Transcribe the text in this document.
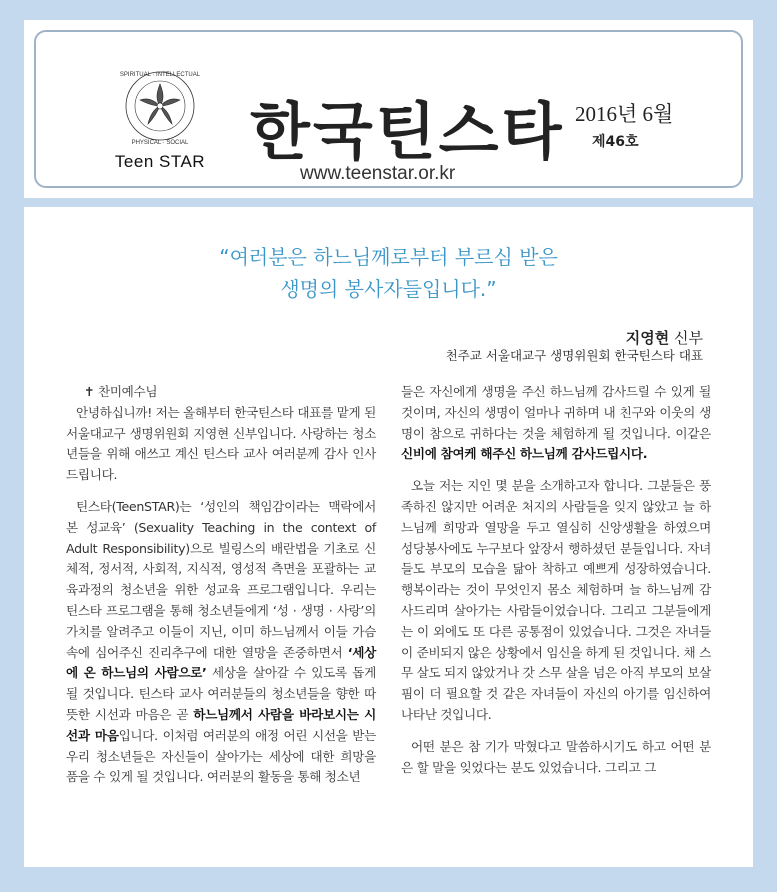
SPIRITUAL · INTELLECTUAL
PHYSICAL · SOCIAL
Teen STAR 한국틴스타 2016년 6월
제46호
www.teenstar.or.kr
“여러분은 하느님께로부터 부르심 받은
생명의 봉사자들입니다.”
지영현 신부
천주교 서울대교구 생명위원회 한국틴스타 대표

✝ 찬미예수님

안녕하십니까! 저는 올해부터 한국틴스타 대표를 맡게 된 서울대교구 생명위원회 지영현 신부입니다. 사랑하는 청소년들을 위해 애쓰고 계신 틴스타 교사 여러분께 감사 인사드립니다.

틴스타(TeenSTAR)는 ‘성인의 책임감이라는 맥락에서 본 성교육’ (Sexuality Teaching in the context of Adult Responsibility)으로 빌링스의 배란법을 기초로 신체적, 정서적, 사회적, 지식적, 영성적 측면을 포괄하는 교육과정의 청소년을 위한 성교육 프로그램입니다. 우리는 틴스타 프로그램을 통해 청소년들에게 ‘성 · 생명 · 사랑’의 가치를 알려주고 이들이 지닌, 이미 하느님께서 이들 가슴 속에 심어주신 진리추구에 대한 열망을 존중하면서 ‘세상에 온 하느님의 사람으로’ 세상을 살아갈 수 있도록 돕게 될 것입니다. 틴스타 교사 여러분들의 청소년들을 향한 따뜻한 시선과 마음은 곧 하느님께서 사람을 바라보시는 시선과 마음입니다. 이처럼 여러분의 애정 어린 시선을 받는 우리 청소년들은 자신들이 살아가는 세상에 대한 희망을 품을 수 있게 될 것입니다. 여러분의 활동을 통해 청소년

들은 자신에게 생명을 주신 하느님께 감사드릴 수 있게 될 것이며, 자신의 생명이 얼마나 귀하며 내 친구와 이웃의 생명이 참으로 귀하다는 것을 체험하게 될 것입니다. 이같은 신비에 참여케 해주신 하느님께 감사드립시다.

오늘 저는 지인 몇 분을 소개하고자 합니다. 그분들은 풍족하진 않지만 어려운 처지의 사람들을 잊지 않았고 늘 하느님께 희망과 열망을 두고 열심히 신앙생활을 하였으며 성당봉사에도 누구보다 앞장서 행하셨던 분들입니다. 자녀들도 부모의 모습을 닮아 착하고 예쁘게 성장하였습니다. 행복이라는 것이 무엇인지 몸소 체험하며 늘 하느님께 감사드리며 살아가는 사람들이었습니다. 그리고 그분들에게는 이 외에도 또 다른 공통점이 있었습니다. 그것은 자녀들이 준비되지 않은 상황에서 임신을 하게 된 것입니다. 채 스무 살도 되지 않았거나 갓 스무 살을 넘은 아직 부모의 보살핌이 더 필요할 것 같은 자녀들이 자신의 아기를 임신하여 나타난 것입니다.

어떤 분은 참 기가 막혔다고 말씀하시기도 하고 어떤 분은 할 말을 잊었다는 분도 있었습니다. 그리고 그
